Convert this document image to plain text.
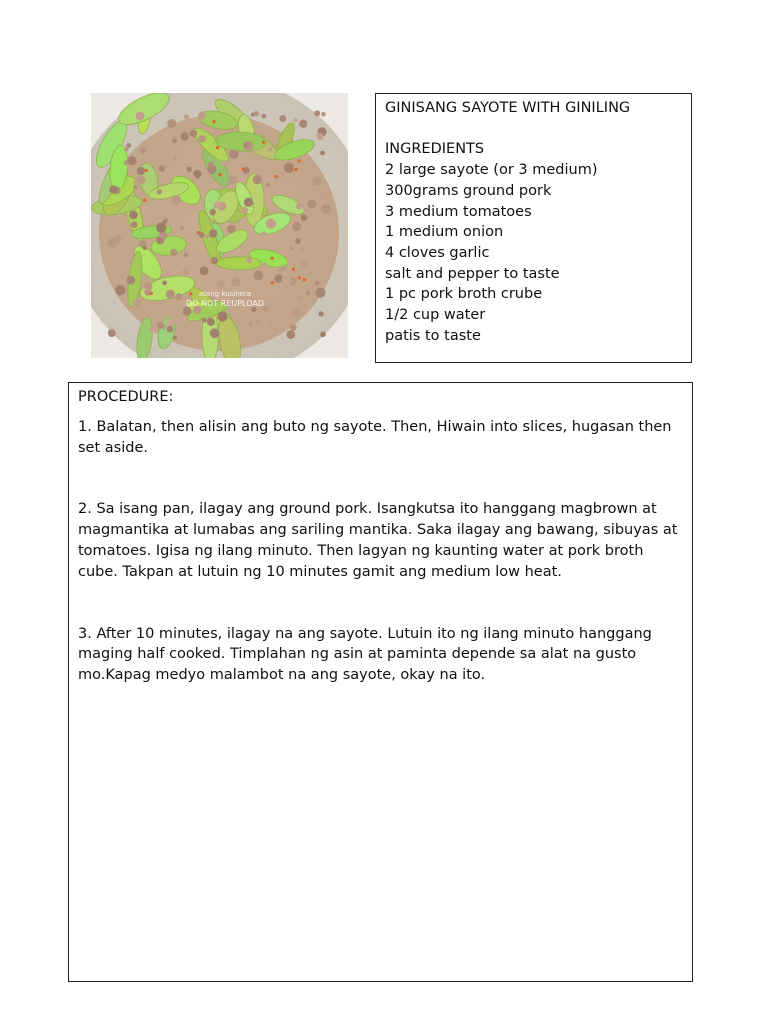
ateng kusinera
DO NOT REUPLOAD

GINISANG SAYOTE WITH GINILING

INGREDIENTS

2 large sayote (or 3 medium)
300grams ground pork
3 medium tomatoes
1 medium onion
4 cloves garlic
salt and pepper to taste
1 pc pork broth crube
1/2 cup water
patis to taste

PROCEDURE:

1. Balatan, then alisin ang buto ng sayote. Then, Hiwain into slices, hugasan then set aside.

2. Sa isang pan, ilagay ang ground pork. Isangkutsa ito hanggang magbrown at magmantika at lumabas ang sariling mantika. Saka ilagay ang bawang, sibuyas at tomatoes. Igisa ng ilang minuto. Then lagyan ng kaunting water at pork broth cube. Takpan at lutuin ng 10 minutes gamit ang medium low heat.

3. After 10 minutes, ilagay na ang sayote. Lutuin ito ng ilang minuto hanggang maging half cooked. Timplahan ng asin at paminta depende sa alat na gusto mo.Kapag medyo malambot na ang sayote, okay na ito.
